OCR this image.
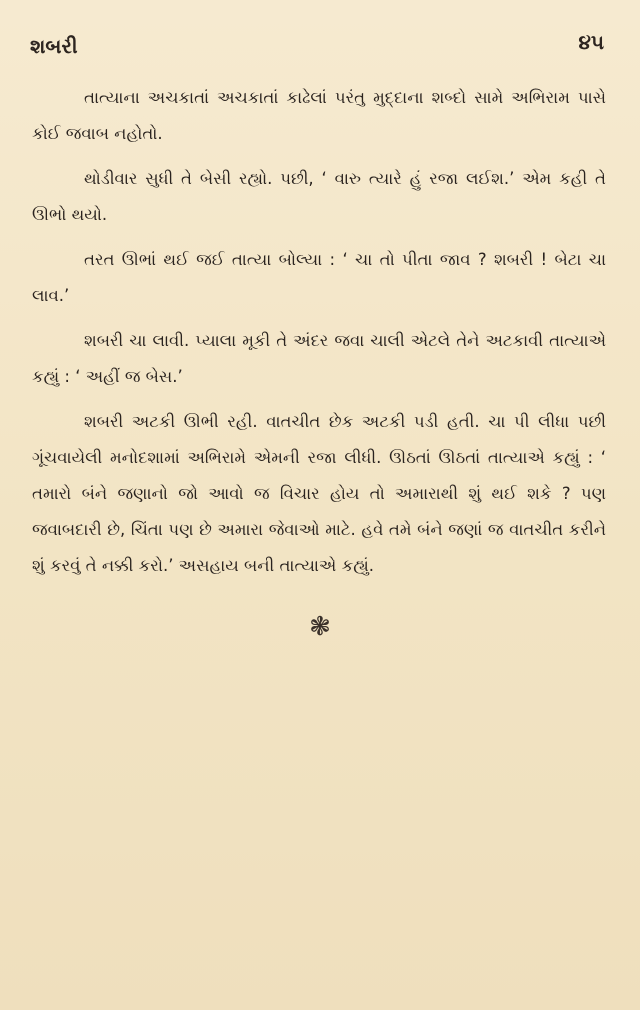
શબરી	૪૫

તાત્યાના અચકાતાં અચકાતાં કાઢેલાં પરંતુ મુદ્દાના શબ્દો સામે અભિરામ પાસે કોઈ જવાબ નહોતો.

થોડીવાર સુધી તે બેસી રહ્યો. પછી, ‘ વારુ ત્યારે હું રજા લઈશ.’ એમ કહી તે ઊભો થયો.

તરત ઊભાં થઈ જઈ તાત્યા બોલ્યા : ‘ ચા તો પીતા જાવ ? શબરી ! બેટા ચા લાવ.’

શબરી ચા લાવી. પ્યાલા મૂકી તે અંદર જવા ચાલી એટલે તેને અટકાવી તાત્યાએ કહ્યું : ‘ અહીં જ બેસ.’

શબરી અટકી ઊભી રહી. વાતચીત છેક અટકી પડી હતી. ચા પી લીધા પછી ગૂંચવાયેલી મનોદશામાં અભિરામે એમની રજા લીધી. ઊઠતાં ઊઠતાં તાત્યાએ કહ્યું : ‘ તમારો બંને જણાનો જો આવો જ વિચાર હોય તો અમારાથી શું થઈ શકે ? પણ જવાબદારી છે, ચિંતા પણ છે અમારા જેવાઓ માટે. હવે તમે બંને જણાં જ વાતચીત કરીને શું કરવું તે નક્કી કરો.’ અસહાય બની તાત્યાએ કહ્યું.

❃
